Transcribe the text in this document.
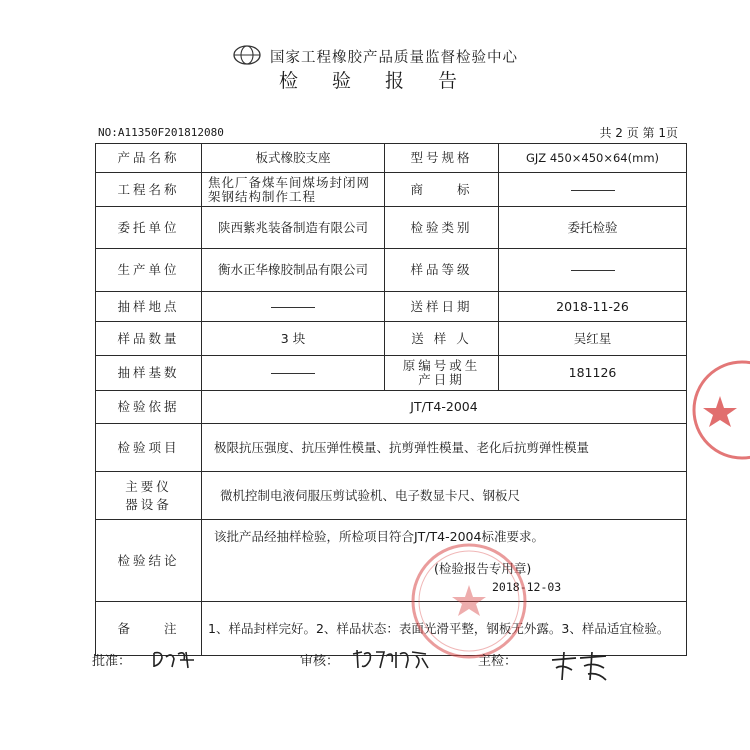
国家工程橡胶产品质量监督检验中心
检 验 报 告
NO:A11350F201812080	共 2 页 第 1页
产品名称	板式橡胶支座	型号规格	GJZ 450×450×64(mm)
工程名称	焦化厂备煤车间煤场封闭网架钢结构制作工程	商　　标	
委托单位	陕西紫兆装备制造有限公司	检验类别	委托检验
生产单位	衡水正华橡胶制品有限公司	样品等级	
抽样地点		送样日期	2018-11-26
样品数量	3 块	送 样 人	吴红星
抽样基数		原编号或生产日期	181126
检验依据	JT/T4-2004		
检验项目	极限抗压强度、抗压弹性模量、抗剪弹性模量、老化后抗剪弹性模量		

主要仪
器设备	微机控制电液伺服压剪试验机、电子数显卡尺、钢板尺		
检验结论	该批产品经抽样检验，所检项目符合JT/T4-2004标准要求。
(检验报告专用章)
2018-12-03		

备　　注	1、样品封样完好。2、样品状态：表面光滑平整，钢板无外露。3、样品适宜检验。		
批准：	审核：	主检：
